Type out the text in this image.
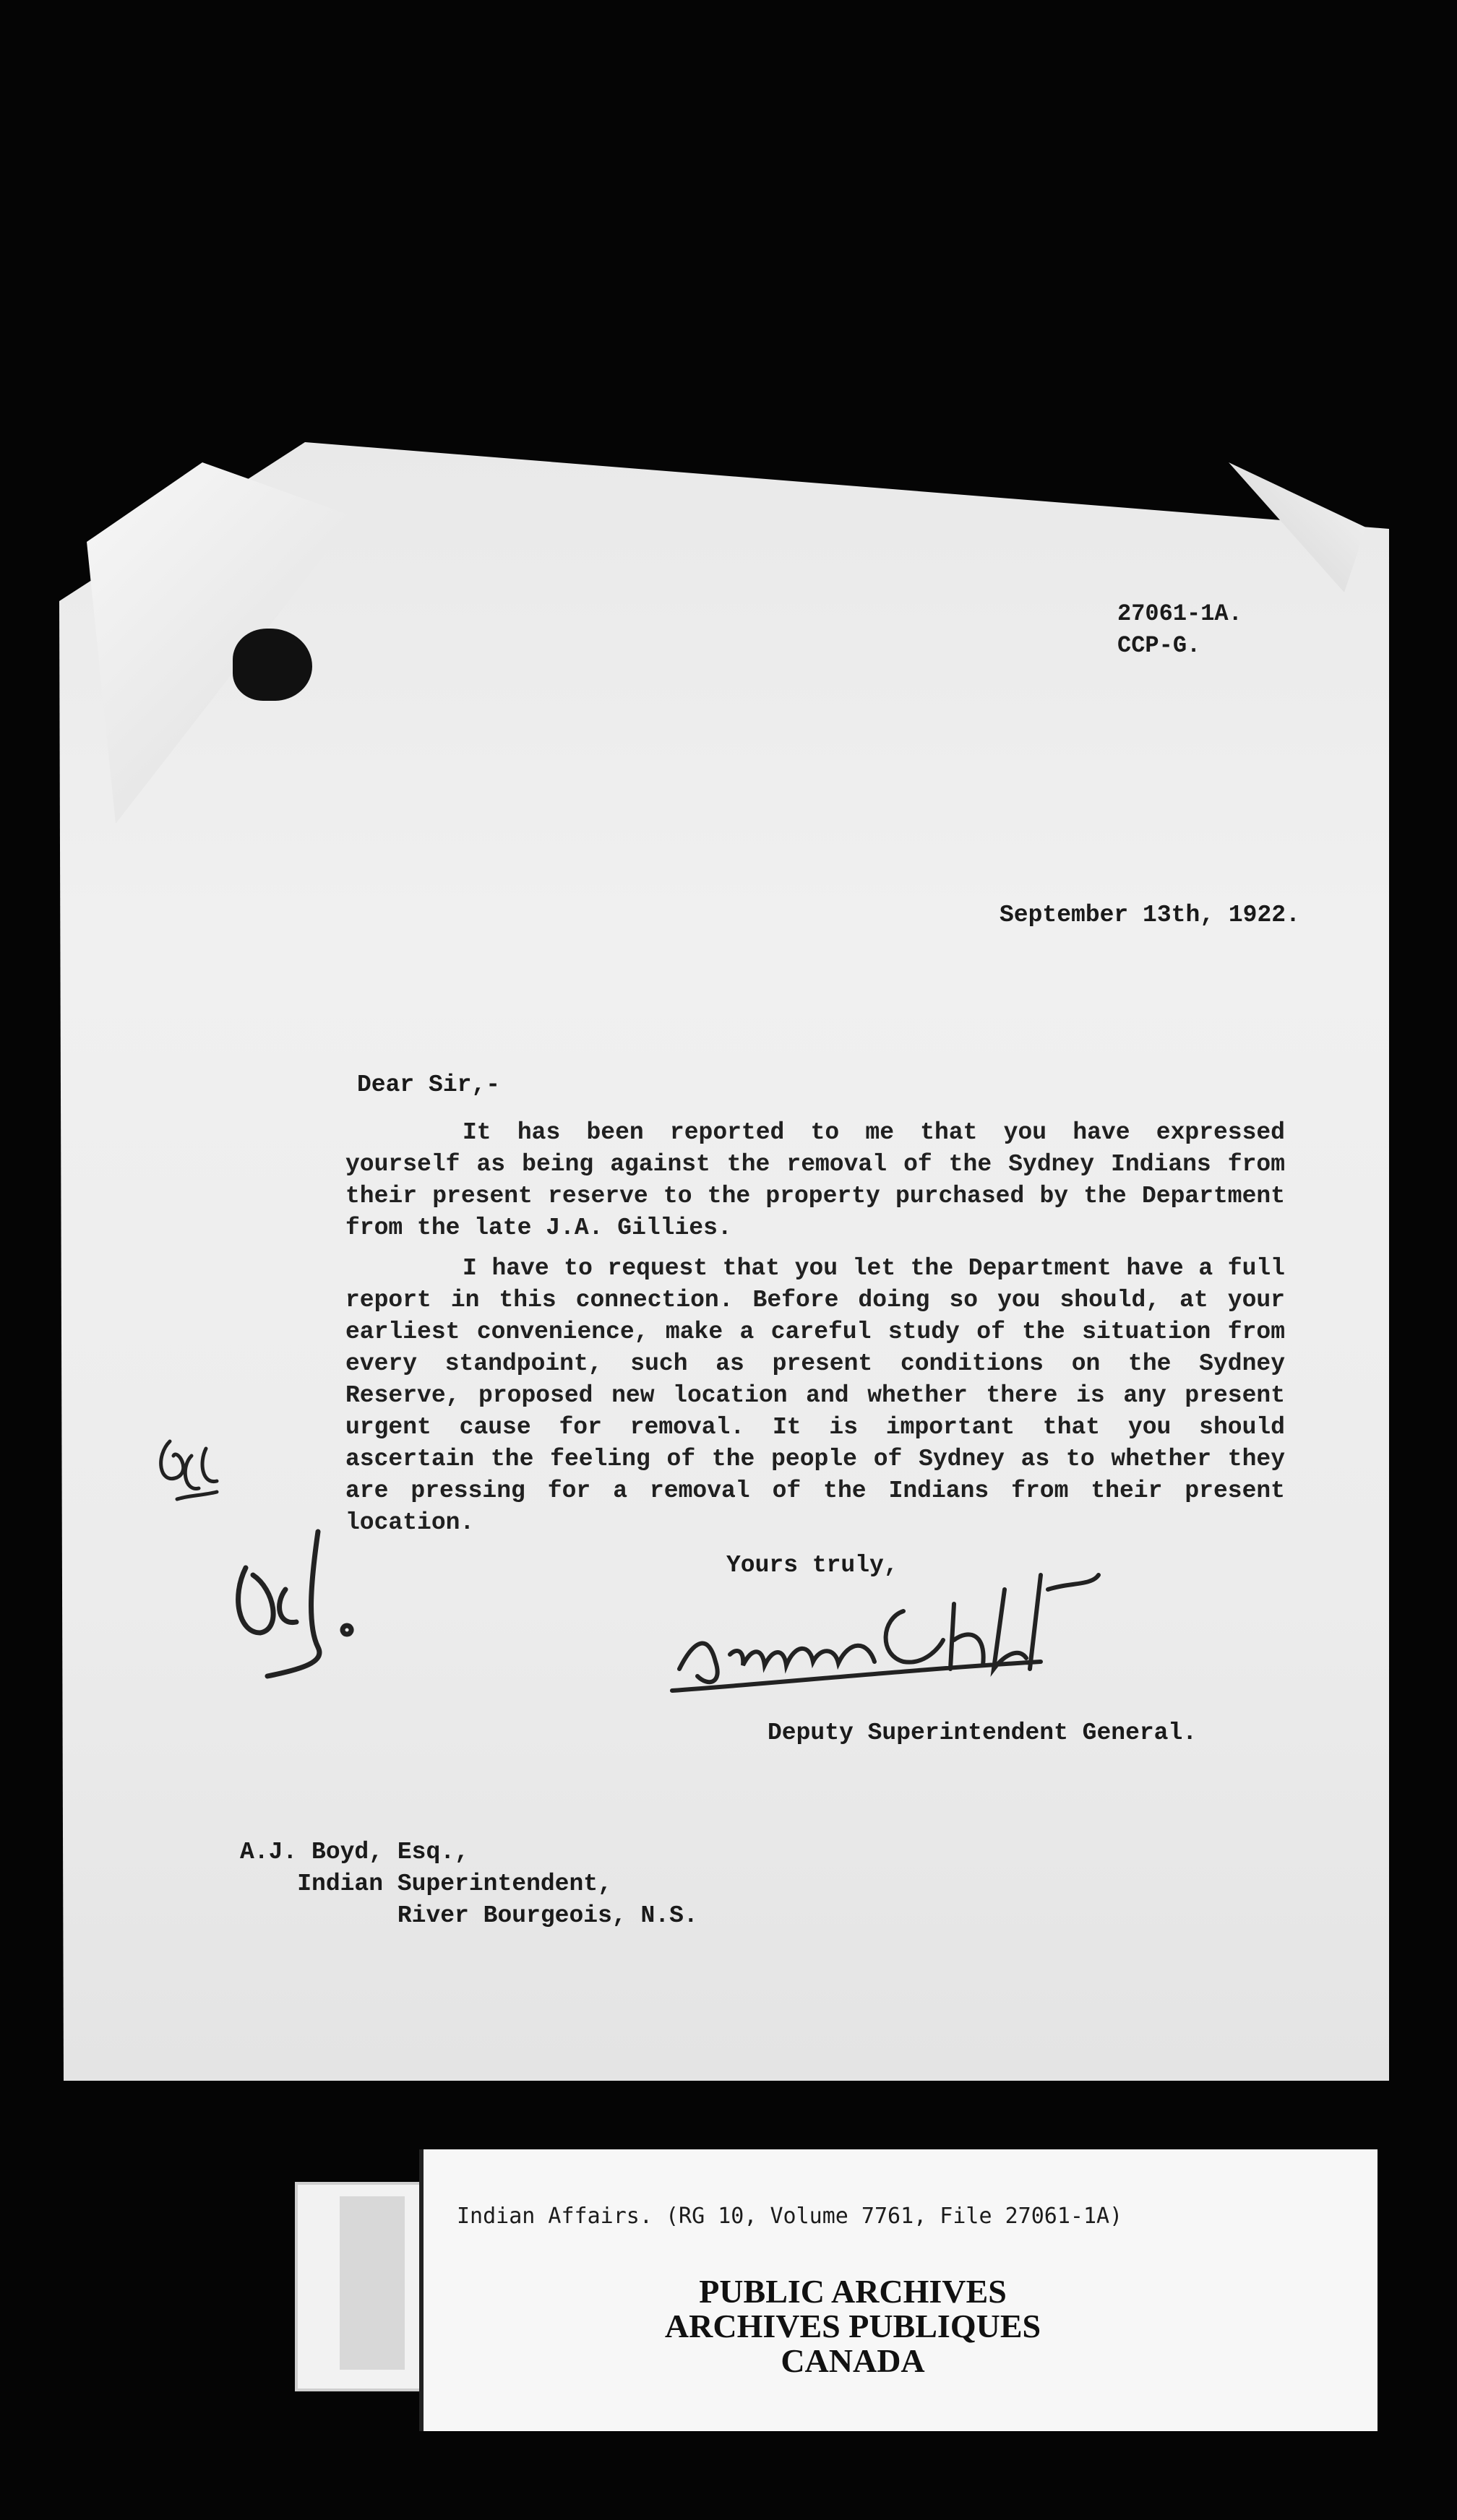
27061-1A.
CCP-G.
September 13th, 1922.
Dear Sir,-

It has been reported to me that you have expressed yourself as being against the removal of the Sydney Indians from their present reserve to the property purchased by the Department from the late J.A. Gillies.

I have to request that you let the Department have a full report in this connection. Before doing so you should, at your earliest convenience, make a careful study of the situation from every standpoint, such as present conditions on the Sydney Reserve, proposed new location and whether there is any present urgent cause for removal. It is important that you should ascertain the feeling of the people of Sydney as to whether they are pressing for a removal of the Indians from their present location.

Yours truly,
Deputy Superintendent General.
A.J. Boyd, Esq.,
Indian Superintendent,
River Bourgeois, N.S.
Indian Affairs. (RG 10, Volume 7761, File 27061-1A)
PUBLIC ARCHIVES
ARCHIVES PUBLIQUES
CANADA
